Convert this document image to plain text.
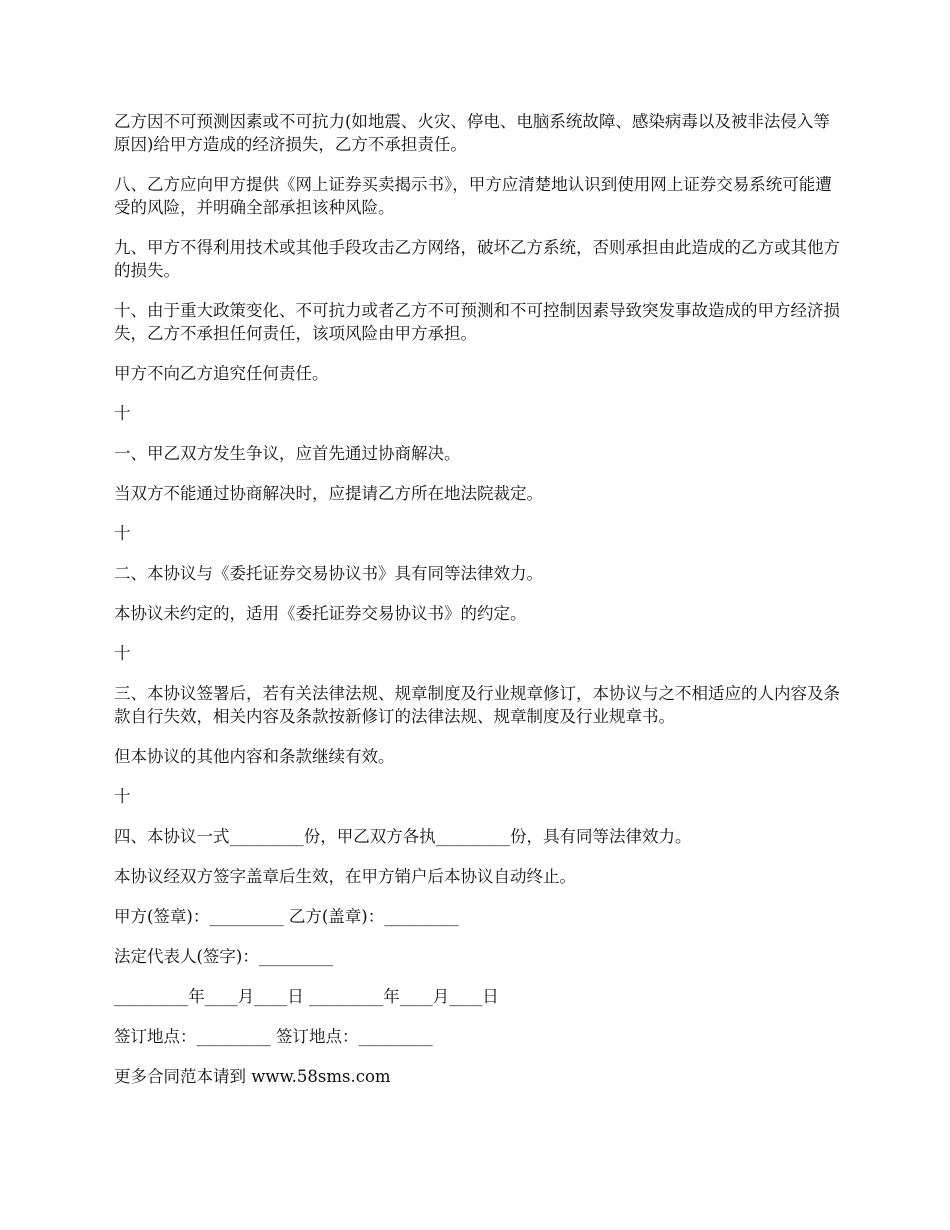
乙方因不可预测因素或不可抗力(如地震、火灾、停电、电脑系统故障、感染病毒以及被非法侵入等原因)给甲方造成的经济损失，乙方不承担责任。

八、乙方应向甲方提供《网上证券买卖揭示书》，甲方应清楚地认识到使用网上证券交易系统可能遭受的风险，并明确全部承担该种风险。

九、甲方不得利用技术或其他手段攻击乙方网络，破坏乙方系统，否则承担由此造成的乙方或其他方的损失。

十、由于重大政策变化、不可抗力或者乙方不可预测和不可控制因素导致突发事故造成的甲方经济损失，乙方不承担任何责任，该项风险由甲方承担。

甲方不向乙方追究任何责任。

十

一、甲乙双方发生争议，应首先通过协商解决。

当双方不能通过协商解决时，应提请乙方所在地法院裁定。

十

二、本协议与《委托证券交易协议书》具有同等法律效力。

本协议未约定的，适用《委托证券交易协议书》的约定。

十

三、本协议签署后，若有关法律法规、规章制度及行业规章修订，本协议与之不相适应的人内容及条款自行失效，相关内容及条款按新修订的法律法规、规章制度及行业规章书。

但本协议的其他内容和条款继续有效。

十

四、本协议一式_________份，甲乙双方各执_________份，具有同等法律效力。

本协议经双方签字盖章后生效，在甲方销户后本协议自动终止。

甲方(签章)：_________ 乙方(盖章)：_________

法定代表人(签字)：_________

_________年____月____日 _________年____月____日

签订地点：_________ 签订地点：_________

更多合同范本请到 www.58sms.com
